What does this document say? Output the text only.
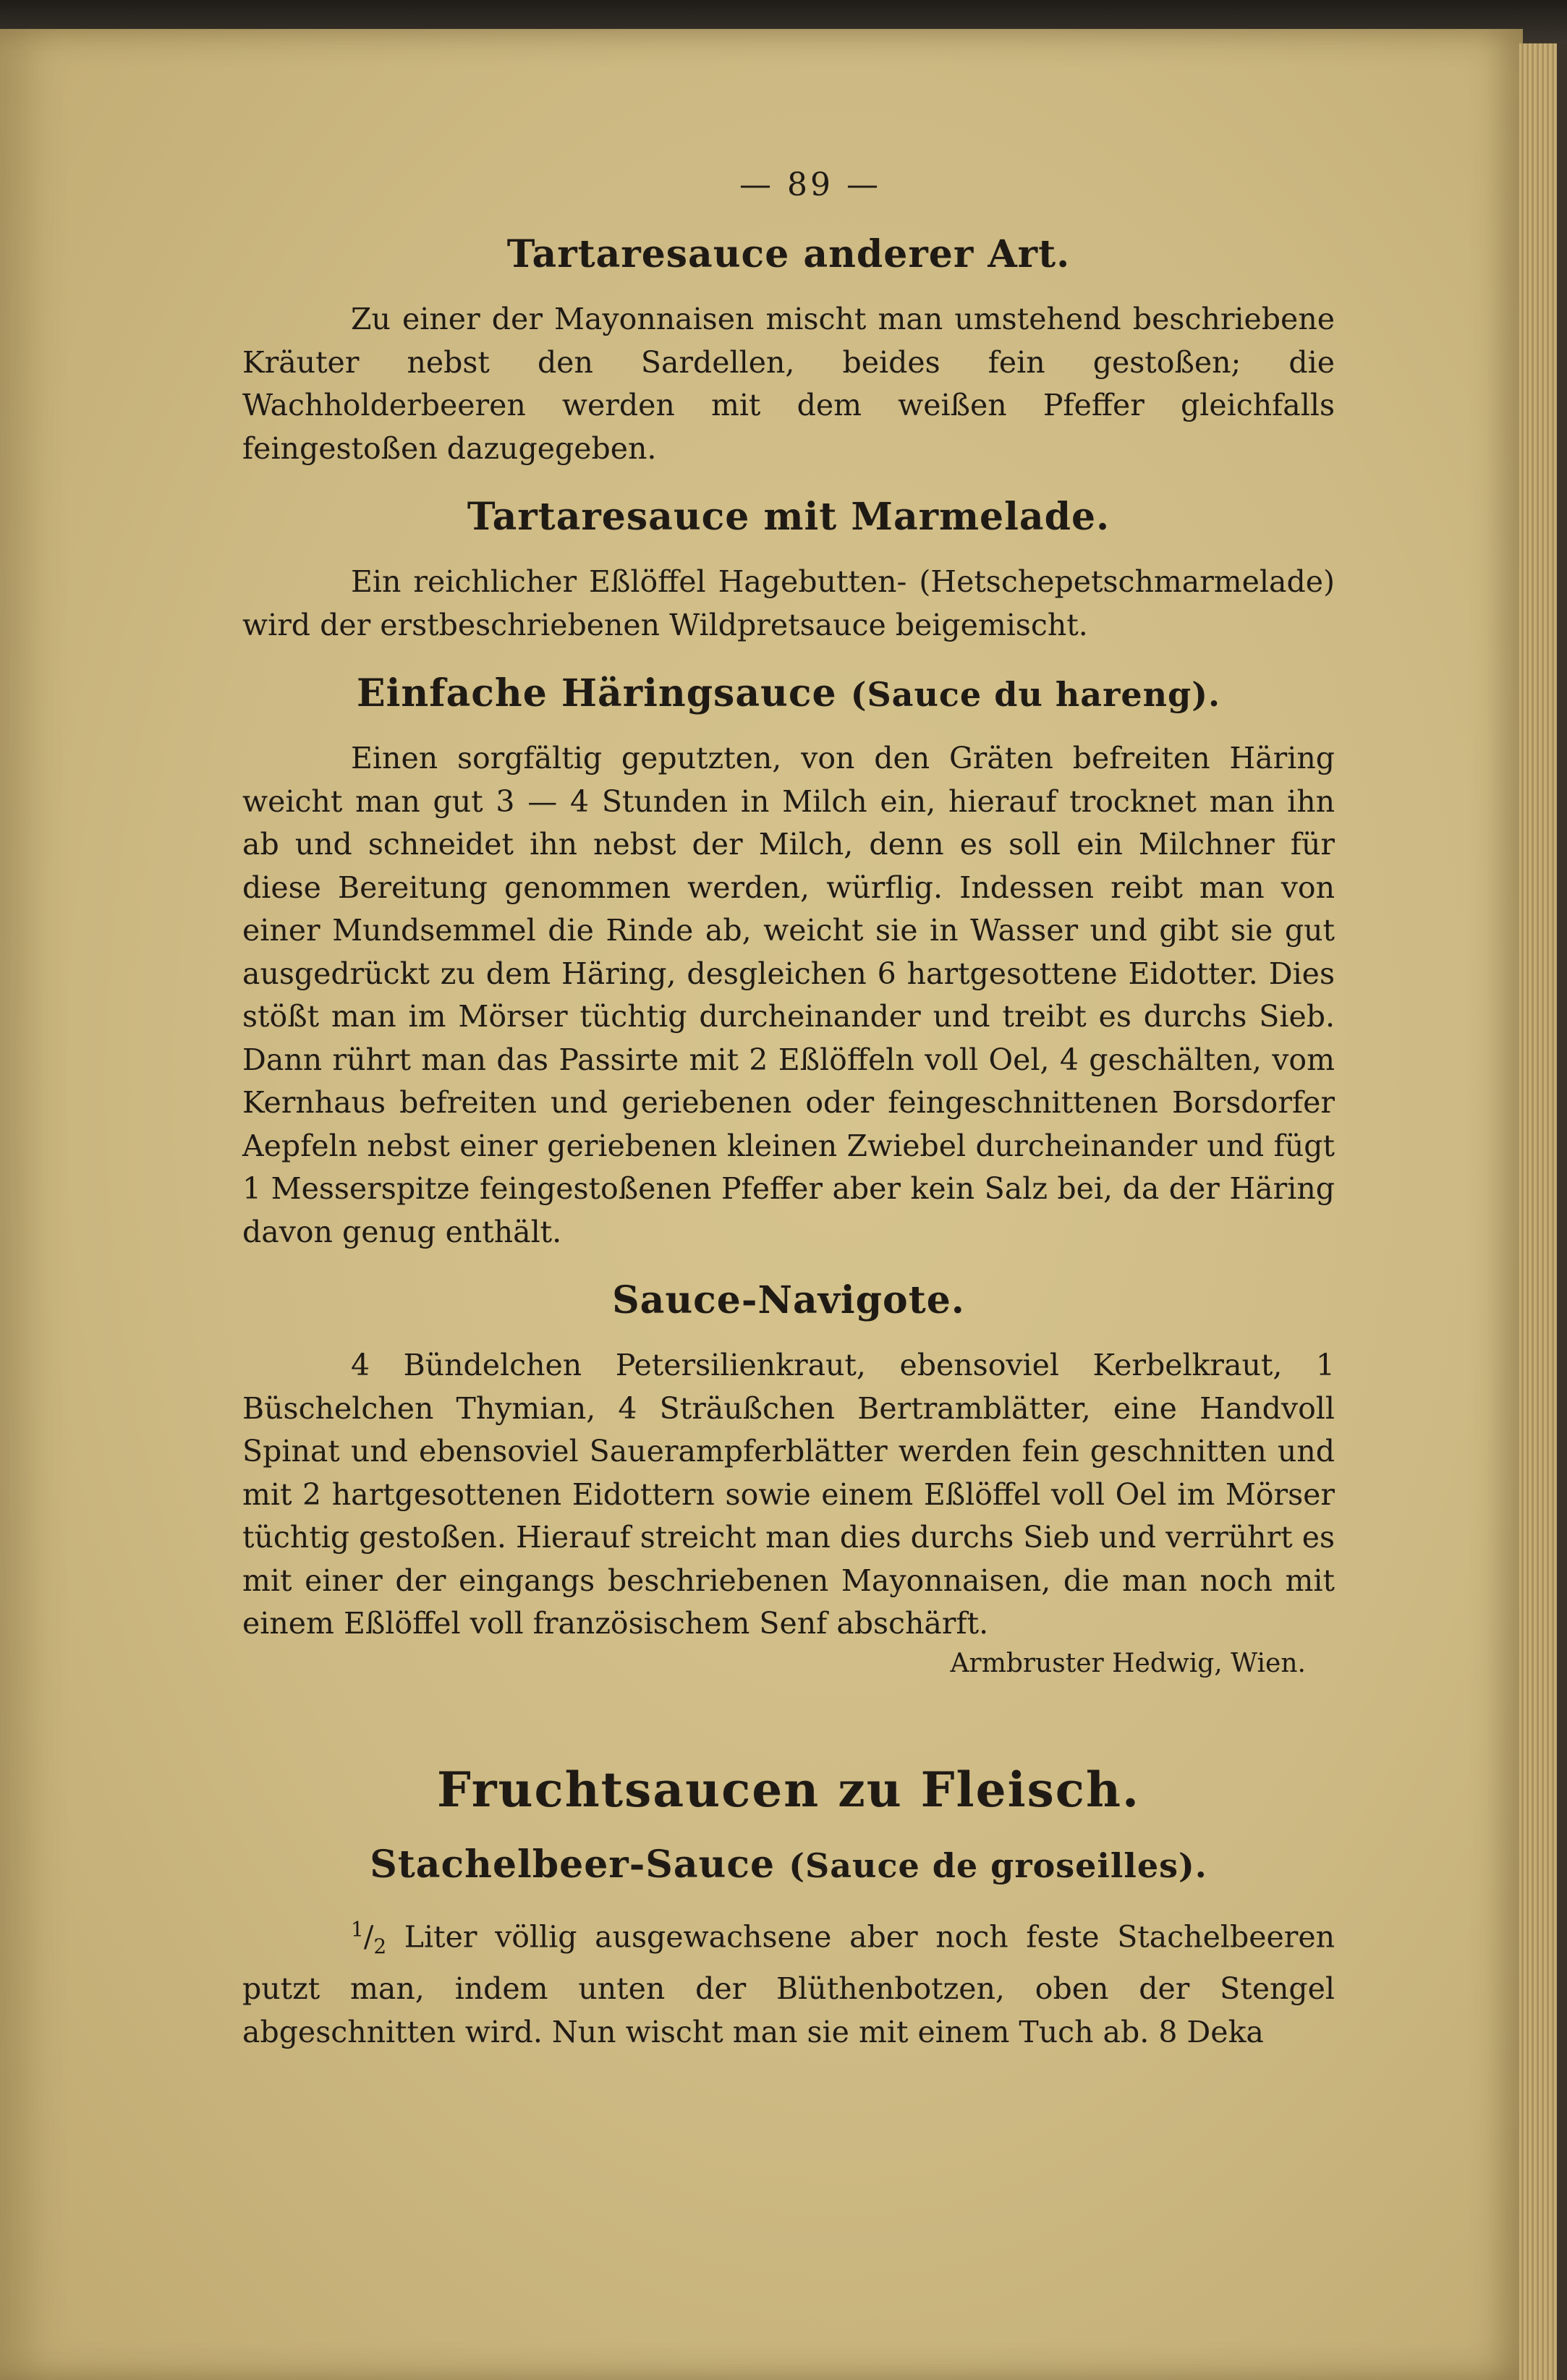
— 89 —
Tartaresauce anderer Art.

Zu einer der Mayonnaisen mischt man umstehend beschriebene Kräuter nebst den Sardellen, beides fein gestoßen; die Wachholderbeeren werden mit dem weißen Pfeffer gleichfalls feingestoßen dazugegeben.

Tartaresauce mit Marmelade.

Ein reichlicher Eßlöffel Hagebutten- (Hetschepetschmarmelade) wird der erstbeschriebenen Wildpretsauce beigemischt.

Einfache Häringsauce (Sauce du hareng).

Einen sorgfältig geputzten, von den Gräten befreiten Häring weicht man gut 3 — 4 Stunden in Milch ein, hierauf trocknet man ihn ab und schneidet ihn nebst der Milch, denn es soll ein Milchner für diese Bereitung genommen werden, würflig. Indessen reibt man von einer Mundsemmel die Rinde ab, weicht sie in Wasser und gibt sie gut ausgedrückt zu dem Häring, desgleichen 6 hartgesottene Eidotter. Dies stößt man im Mörser tüchtig durcheinander und treibt es durchs Sieb. Dann rührt man das Passirte mit 2 Eßlöffeln voll Oel, 4 geschälten, vom Kernhaus befreiten und geriebenen oder feingeschnittenen Borsdorfer Aepfeln nebst einer geriebenen kleinen Zwiebel durcheinander und fügt 1 Messerspitze feingestoßenen Pfeffer aber kein Salz bei, da der Häring davon genug enthält.

Sauce-Navigote.

4 Bündelchen Petersilienkraut, ebensoviel Kerbelkraut, 1 Büschelchen Thymian, 4 Sträußchen Bertramblätter, eine Handvoll Spinat und ebensoviel Sauerampferblätter werden fein geschnitten und mit 2 hartgesottenen Eidottern sowie einem Eßlöffel voll Oel im Mörser tüchtig gestoßen. Hierauf streicht man dies durchs Sieb und verrührt es mit einer der eingangs beschriebenen Mayonnaisen, die man noch mit einem Eßlöffel voll französischem Senf abschärft.

Armbruster Hedwig, Wien.
Fruchtsaucen zu Fleisch.
Stachelbeer-Sauce (Sauce de groseilles).

$^1/_2$ Liter völlig ausgewachsene aber noch feste Stachelbeeren putzt man, indem unten der Blüthenbotzen, oben der Stengel abgeschnitten wird. Nun wischt man sie mit einem Tuch ab. 8 Deka
